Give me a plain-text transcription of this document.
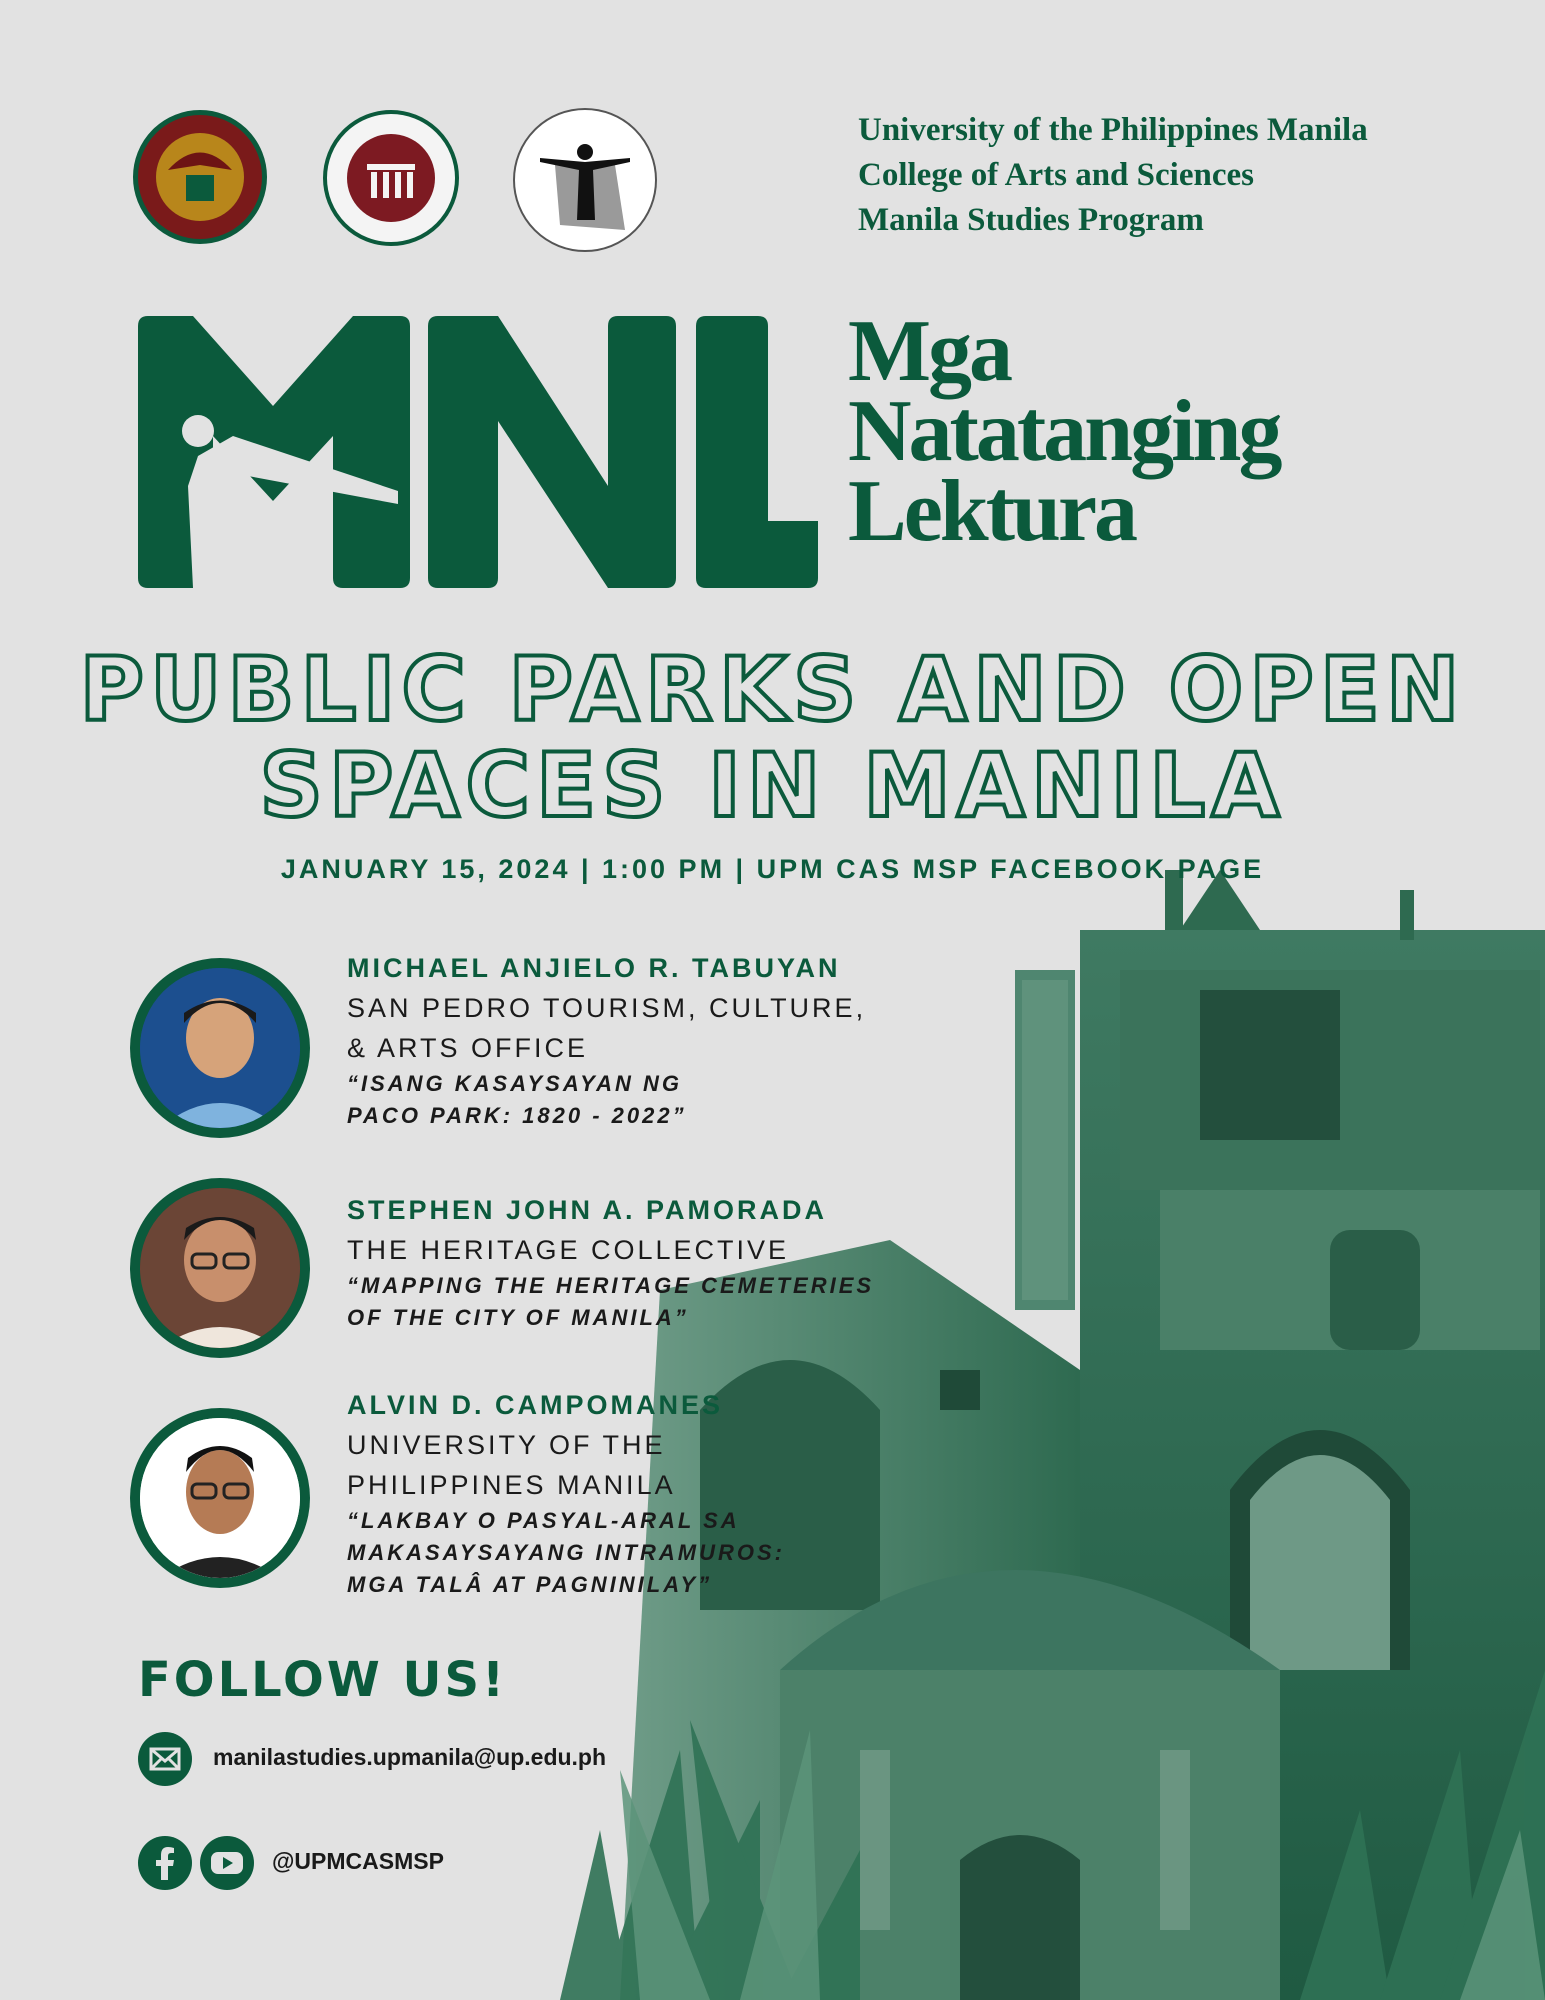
University of the Philippines Manila
College of Arts and Sciences
Manila Studies Program
Mga
Natatanging
Lektura
PUBLIC PARKS AND OPEN
SPACES IN MANILA
JANUARY 15, 2024 | 1:00 PM | UPM CAS MSP FACEBOOK PAGE
MICHAEL ANJIELO R. TABUYAN
SAN PEDRO TOURISM, CULTURE,
& ARTS OFFICE
“ISANG KASAYSAYAN NG
PACO PARK: 1820 - 2022”
STEPHEN JOHN A. PAMORADA
THE HERITAGE COLLECTIVE
“MAPPING THE HERITAGE CEMETERIES
OF THE CITY OF MANILA”
ALVIN D. CAMPOMANES
UNIVERSITY OF THE
PHILIPPINES MANILA
“LAKBAY O PASYAL-ARAL SA
MAKASAYSAYANG INTRAMUROS:
MGA TALÂ AT PAGNINILAY”
FOLLOW US!
manilastudies.upmanila@up.edu.ph
@UPMCASMSP
